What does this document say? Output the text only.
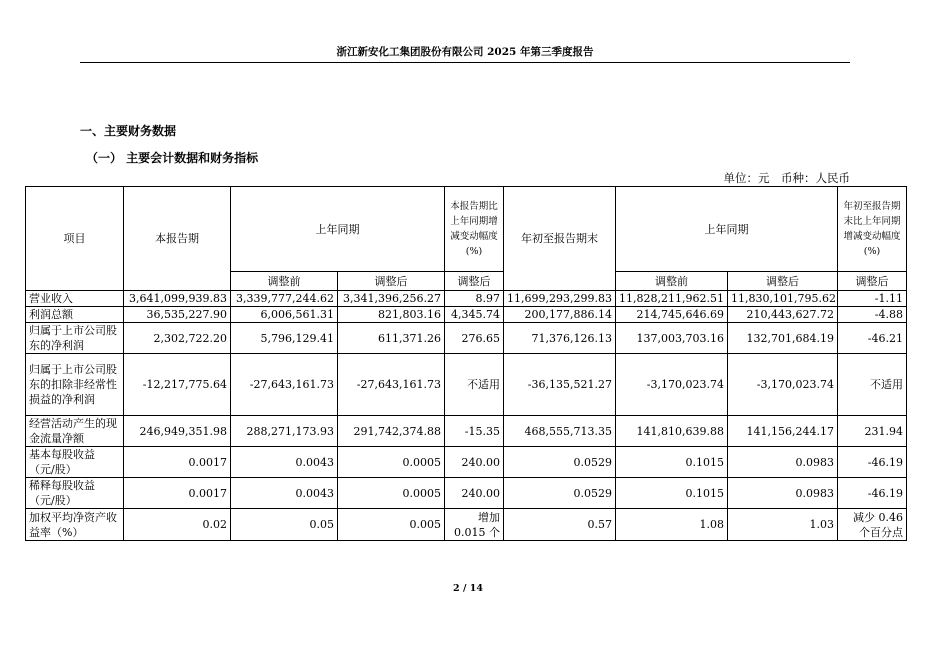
浙江新安化工集团股份有限公司 2025 年第三季度报告
一、主要财务数据
（一） 主要会计数据和财务指标
单位：元　币种：人民币
项目	本报告期	上年同期		本报告期比上年同期增减变动幅度(%)	年初至报告期末	上年同期		年初至报告期末比上年同期增减变动幅度(%)
		调整前	调整后	调整后		调整前	调整后	调整后
营业收入	3,641,099,939.83	3,339,777,244.62	3,341,396,256.27	8.97	11,699,293,299.83	11,828,211,962.51	11,830,101,795.62	-1.11
利润总额	36,535,227.90	6,006,561.31	821,803.16	4,345.74	200,177,886.14	214,745,646.69	210,443,627.72	-4.88
归属于上市公司股东的净利润	2,302,722.20	5,796,129.41	611,371.26	276.65	71,376,126.13	137,003,703.16	132,701,684.19	-46.21
归属于上市公司股东的扣除非经常性损益的净利润	-12,217,775.64	-27,643,161.73	-27,643,161.73	不适用	-36,135,521.27	-3,170,023.74	-3,170,023.74	不适用
经营活动产生的现金流量净额	246,949,351.98	288,271,173.93	291,742,374.88	-15.35	468,555,713.35	141,810,639.88	141,156,244.17	231.94
基本每股收益（元/股）	0.0017	0.0043	0.0005	240.00	0.0529	0.1015	0.0983	-46.19
稀释每股收益（元/股）	0.0017	0.0043	0.0005	240.00	0.0529	0.1015	0.0983	-46.19
加权平均净资产收益率（%）	0.02	0.05	0.005	增加 0.015 个	0.57	1.08	1.03	减少 0.46 个百分点
2 / 14
